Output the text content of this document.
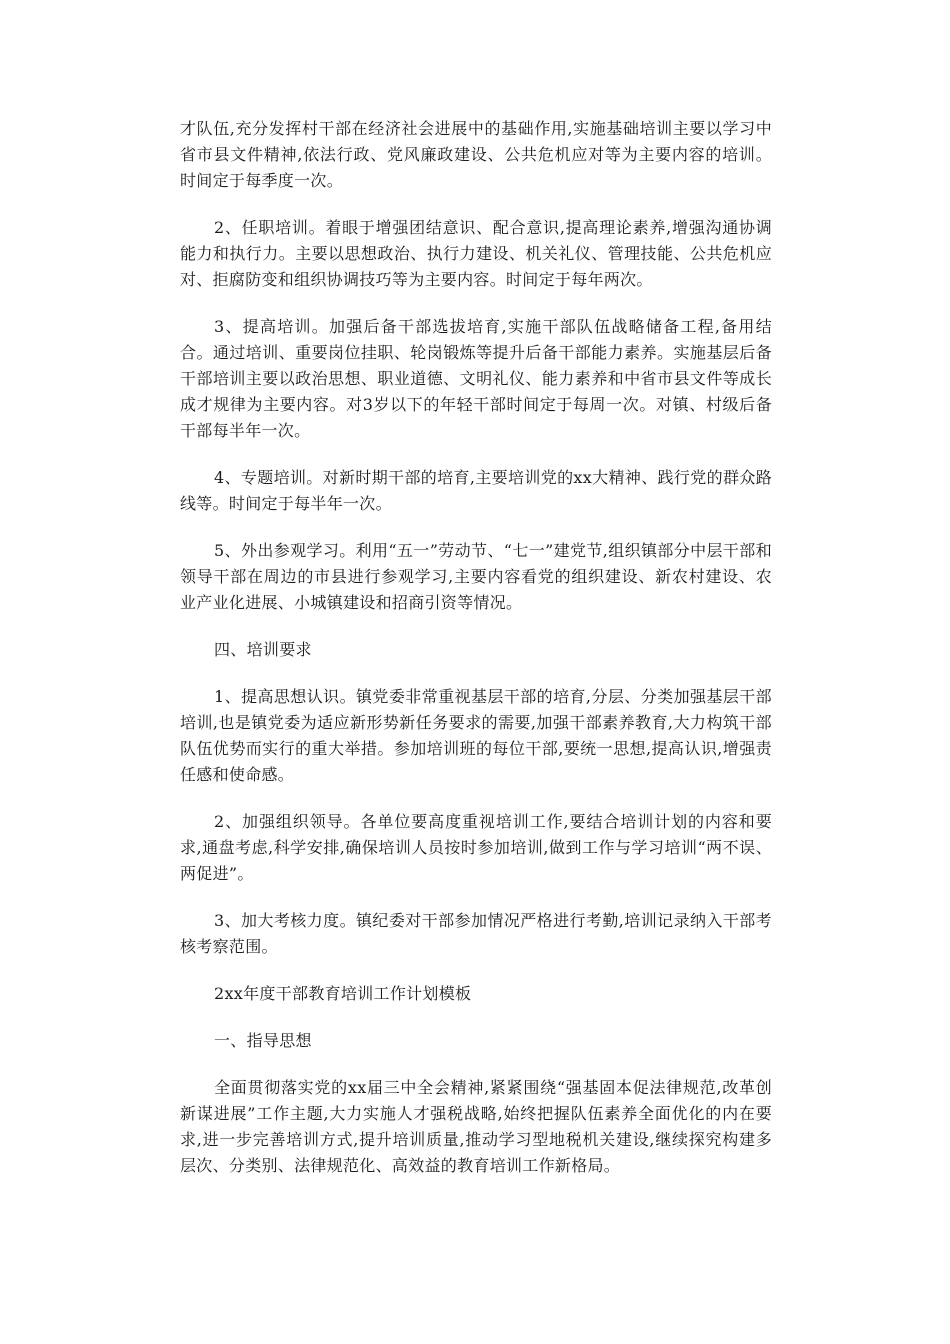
才队伍,充分发挥村干部在经济社会进展中的基础作用,实施基础培训主要以学习中省市县文件精神,依法行政、党风廉政建设、公共危机应对等为主要内容的培训。时间定于每季度一次。

2、任职培训。着眼于增强团结意识、配合意识,提高理论素养,增强沟通协调能力和执行力。主要以思想政治、执行力建设、机关礼仪、管理技能、公共危机应对、拒腐防变和组织协调技巧等为主要内容。时间定于每年两次。

3、提高培训。加强后备干部选拔培育,实施干部队伍战略储备工程,备用结合。通过培训、重要岗位挂职、轮岗锻炼等提升后备干部能力素养。实施基层后备干部培训主要以政治思想、职业道德、文明礼仪、能力素养和中省市县文件等成长成才规律为主要内容。对3岁以下的年轻干部时间定于每周一次。对镇、村级后备干部每半年一次。

4、专题培训。对新时期干部的培育,主要培训党的xx大精神、践行党的群众路线等。时间定于每半年一次。

5、外出参观学习。利用“五一”劳动节、“七一”建党节,组织镇部分中层干部和领导干部在周边的市县进行参观学习,主要内容看党的组织建设、新农村建设、农业产业化进展、小城镇建设和招商引资等情况。

四、培训要求

1、提高思想认识。镇党委非常重视基层干部的培育,分层、分类加强基层干部培训,也是镇党委为适应新形势新任务要求的需要,加强干部素养教育,大力构筑干部队伍优势而实行的重大举措。参加培训班的每位干部,要统一思想,提高认识,增强责任感和使命感。

2、加强组织领导。各单位要高度重视培训工作,要结合培训计划的内容和要求,通盘考虑,科学安排,确保培训人员按时参加培训,做到工作与学习培训“两不误、两促进”。

3、加大考核力度。镇纪委对干部参加情况严格进行考勤,培训记录纳入干部考核考察范围。

2xx年度干部教育培训工作计划模板

一、指导思想

全面贯彻落实党的xx届三中全会精神,紧紧围绕“强基固本促法律规范,改革创新谋进展”工作主题,大力实施人才强税战略,始终把握队伍素养全面优化的内在要求,进一步完善培训方式,提升培训质量,推动学习型地税机关建设,继续探究构建多层次、分类别、法律规范化、高效益的教育培训工作新格局。
